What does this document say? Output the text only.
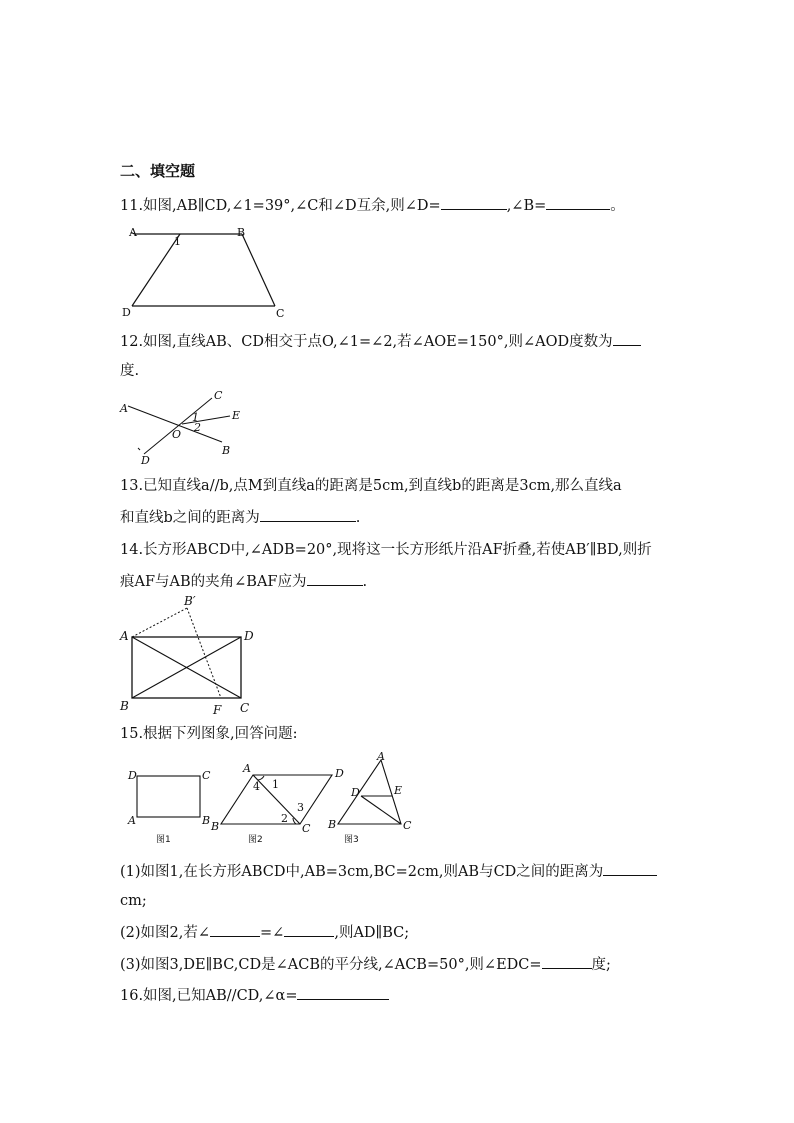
二、填空题
11.如图,AB∥CD,∠1=39°,∠C和∠D互余,则∠D=	,∠B=	。
A	B
1
D	C
12.如图,直线AB、CD相交于点O,∠1=∠2,若∠AOE=150°,则∠AOD度数为
度.
A
C
E
1
2
O
B
D
13.已知直线a//b,点M到直线a的距离是5cm,到直线b的距离是3cm,那么直线a
和直线b之间的距离为	.
14.长方形ABCD中,∠ADB=20°,现将这一长方形纸片沿AF折叠,若使AB′∥BD,则折
痕AF与AB的夹角∠BAF应为	.
A	D
B′
B	F C
15.根据下列图象,回答问题:
D	C
A	B
图1
A	D
B	C
4 1
2
3
图2
A
D	E
B	C
图3
(1)如图1,在长方形ABCD中,AB=3cm,BC=2cm,则AB与CD之间的距离为
cm;
(2)如图2,若∠	=∠	,则AD∥BC;
(3)如图3,DE∥BC,CD是∠ACB的平分线,∠ACB=50°,则∠EDC=	度;
16.如图,已知AB//CD,∠α=
